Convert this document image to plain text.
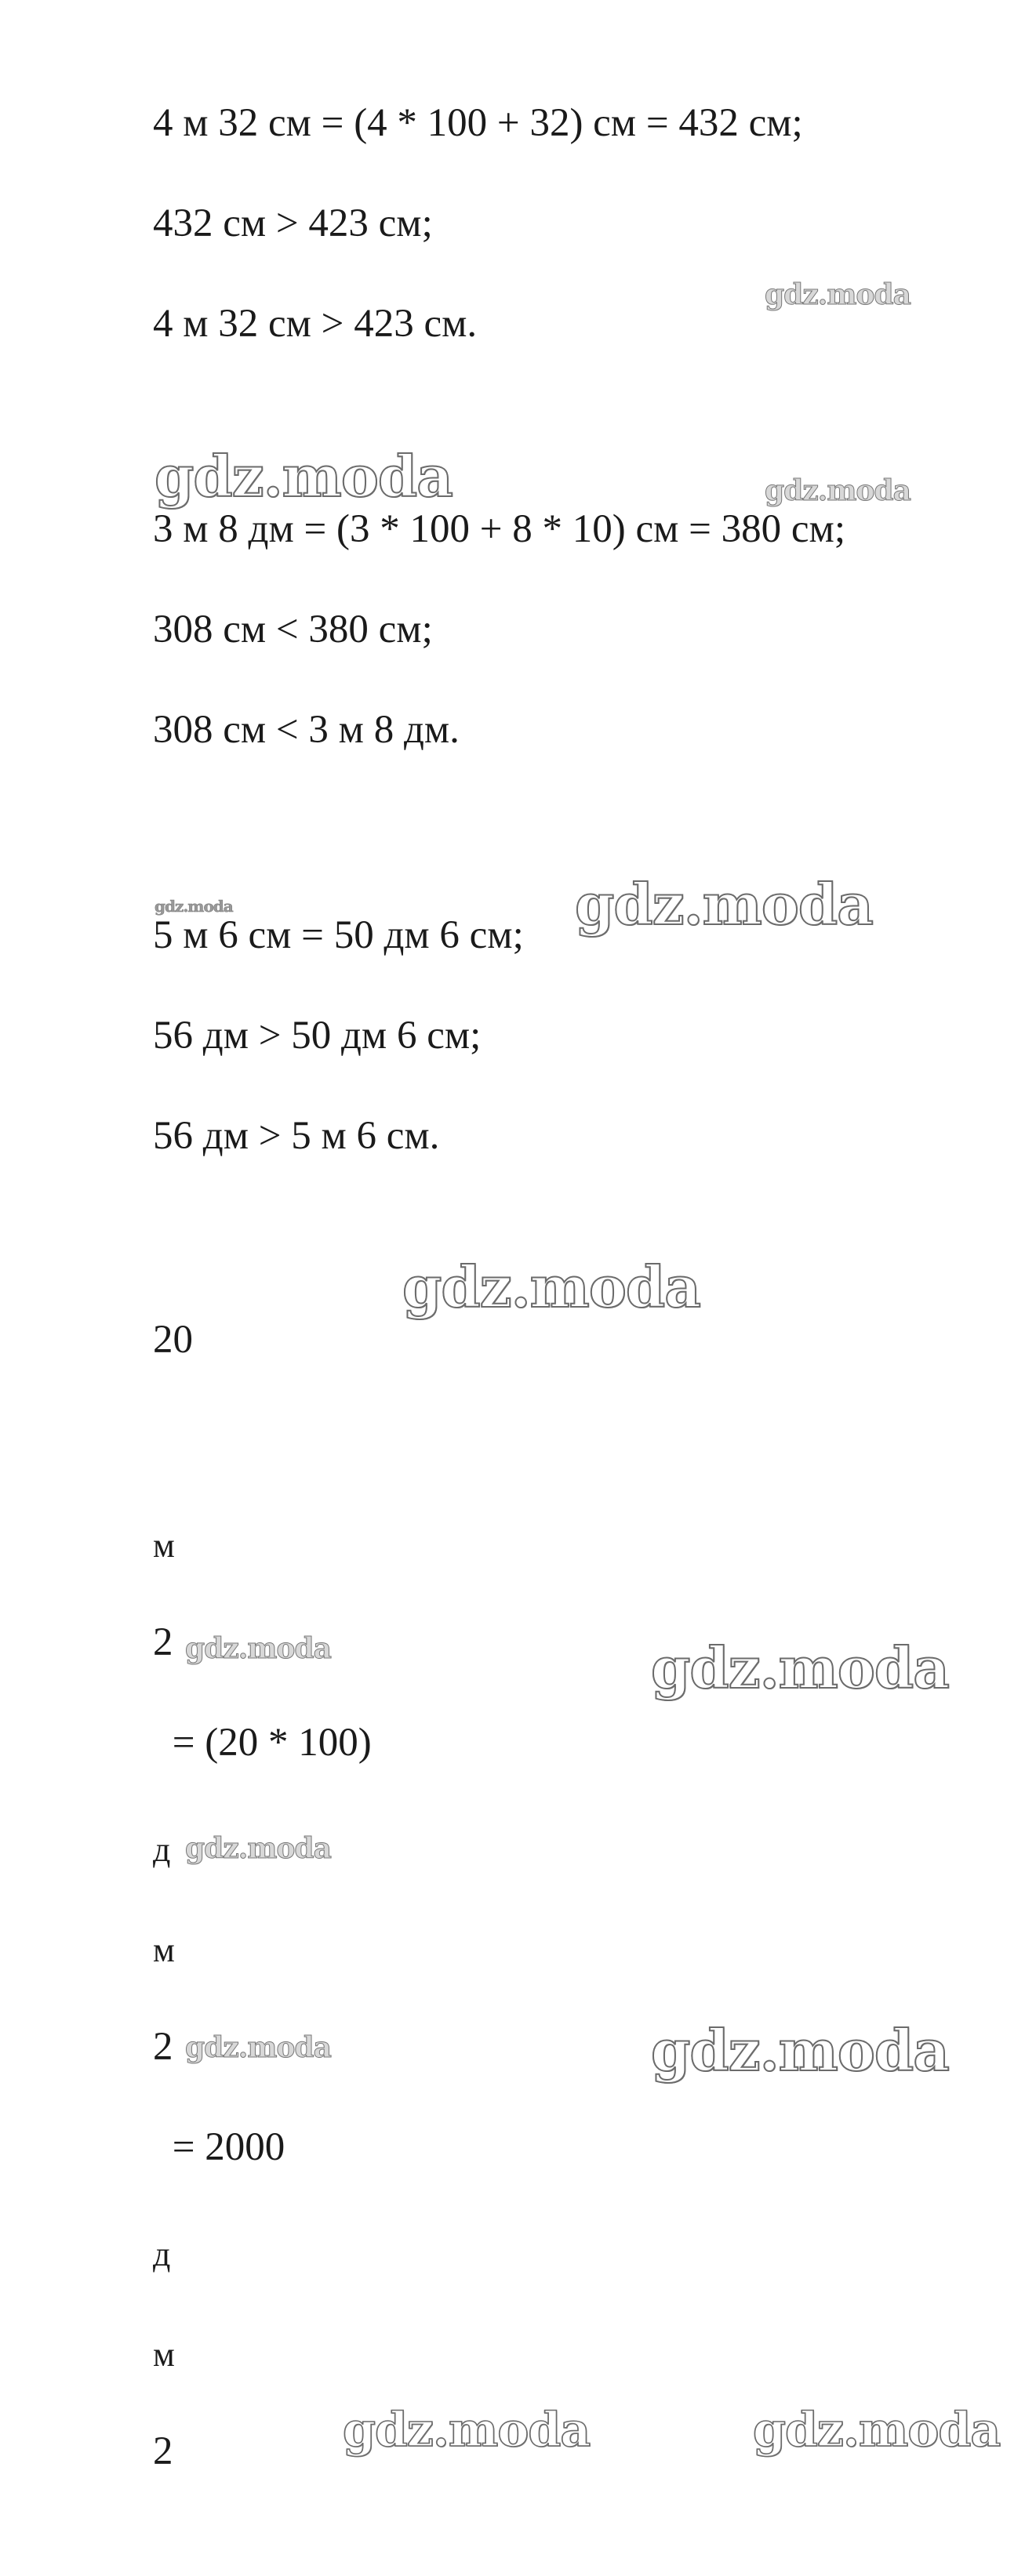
4 м 32 см = (4 * 100 + 32) см = 432 см;
432 см > 423 см;
4 м 32 см > 423 см.
3 м 8 дм = (3 * 100 + 8 * 10) см = 380 см;
308 см < 380 см;
308 см < 3 м 8 дм.
5 м 6 см = 50 дм 6 см;
56 дм > 50 дм 6 см;
56 дм > 5 м 6 см.
20
м
2
= (20 * 100)
д
м
2
= 2000
д
м
2
gdz.moda
gdz.moda	gdz.moda
gdz.moda	gdz.moda
gdz.moda
gdz.moda	gdz.moda
gdz.moda
gdz.moda	gdz.moda
gdz.moda	gdz.moda
